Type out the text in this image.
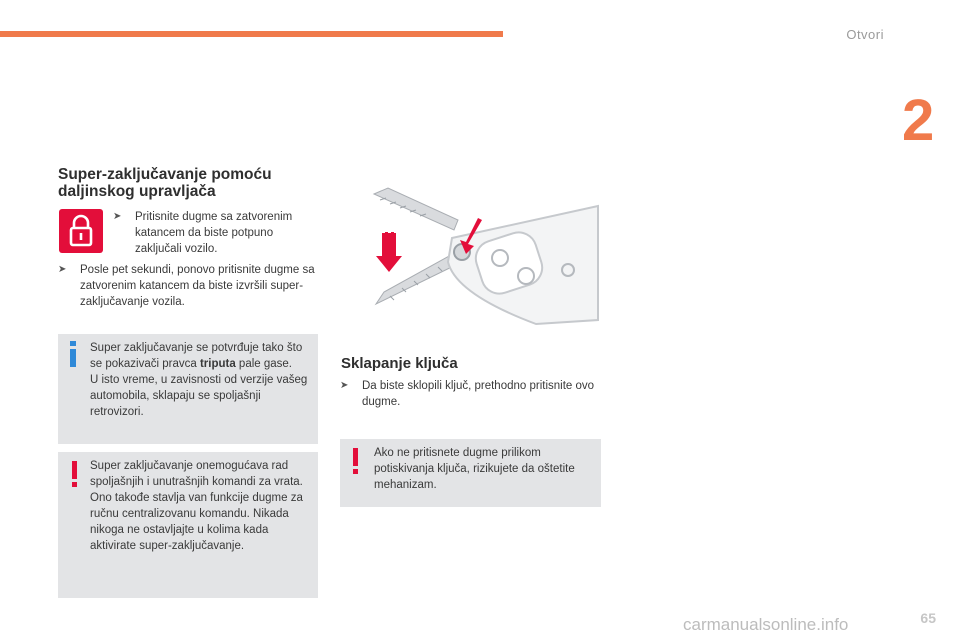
Otvori
2
Super-zaključavanje pomoću daljinskog upravljača
➤	Pritisnite dugme sa zatvorenim katancem da biste potpuno zaključali vozilo.
➤	Posle pet sekundi, ponovo pritisnite dugme sa zatvorenim katancem da biste izvršili super-zaključavanje vozila.
Super zaključavanje se potvrđuje tako što se pokazivači pravca triputa pale gase.
U isto vreme, u zavisnosti od verzije vašeg automobila, sklapaju se spoljašnji retrovizori.
Super zaključavanje onemogućava rad spoljašnjih i unutrašnjih komandi za vrata. Ono takođe stavlja van funkcije dugme za ručnu centralizovanu komandu. Nikada nikoga ne ostavljajte u kolima kada aktivirate super-zaključavanje.
Sklapanje ključa
➤	Da biste sklopili ključ, prethodno pritisnite ovo dugme.
Ako ne pritisnete dugme prilikom potiskivanja ključa, rizikujete da oštetite mehanizam.
65
carmanualsonline.info
